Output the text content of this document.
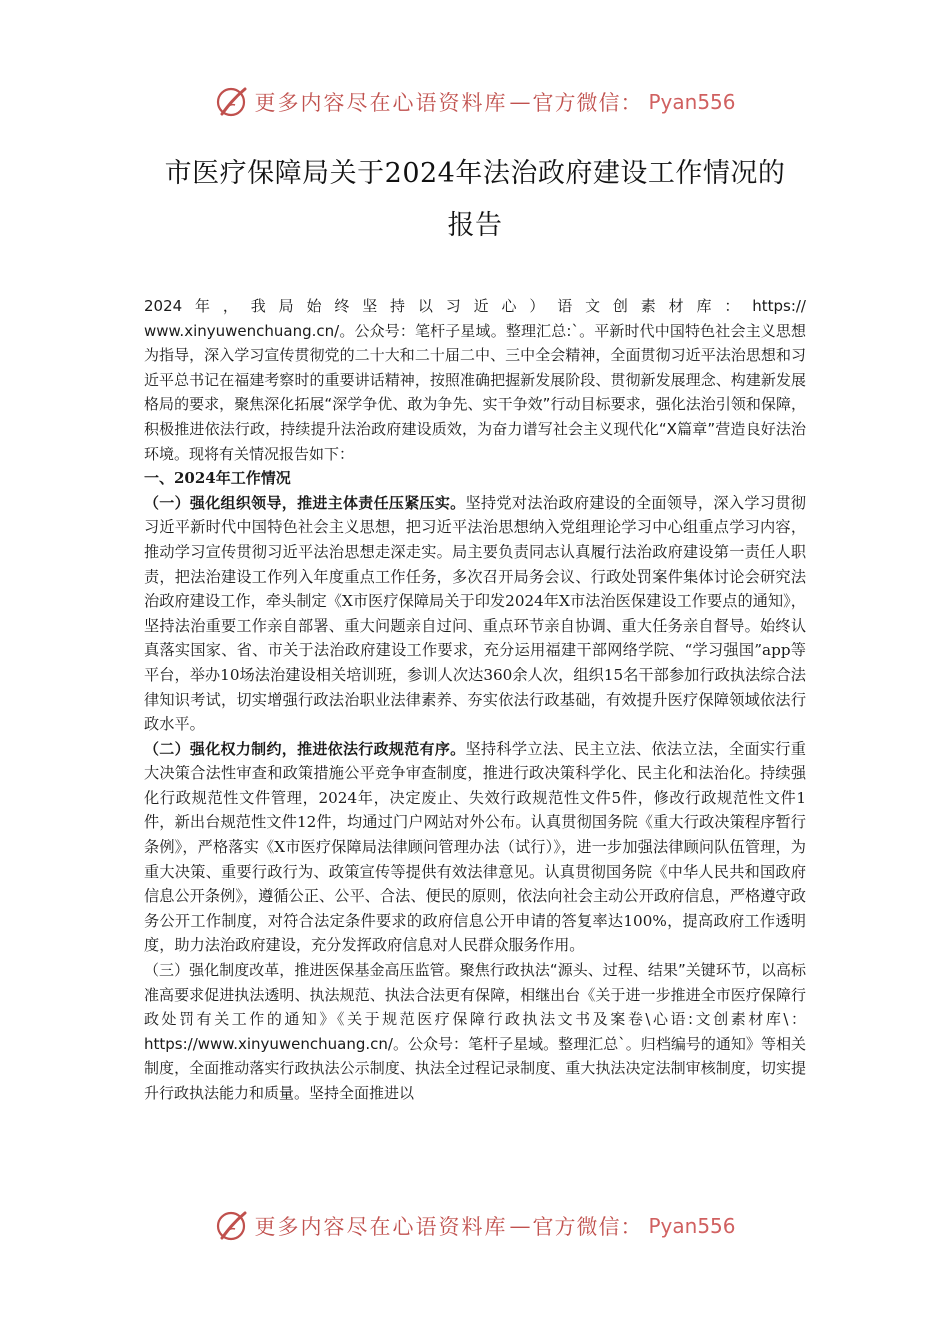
更多内容尽在心语资料库 — 官方微信： Pyan556
市医疗保障局关于2024年法治政府建设工作情况的
报告
2024 年 ， 我 局 始 终 坚 持 以 习 近 心 ） 语 文 创 素 材 库 ： https://

www.xinyuwenchuang.cn/。公众号：笔杆子星域。整理汇总:`。平新时代中国特色社会主义思想为指导，深入学习宣传贯彻党的二十大和二十届二中、三中全会精神，全面贯彻习近平法治思想和习近平总书记在福建考察时的重要讲话精神，按照准确把握新发展阶段、贯彻新发展理念、构建新发展格局的要求，聚焦深化拓展“深学争优、敢为争先、实干争效”行动目标要求，强化法治引领和保障，积极推进依法行政，持续提升法治政府建设质效，为奋力谱写社会主义现代化“X篇章”营造良好法治环境。现将有关情况报告如下：

一、2024年工作情况

（一）强化组织领导，推进主体责任压紧压实。坚持党对法治政府建设的全面领导，深入学习贯彻习近平新时代中国特色社会主义思想，把习近平法治思想纳入党组理论学习中心组重点学习内容，推动学习宣传贯彻习近平法治思想走深走实。局主要负责同志认真履行法治政府建设第一责任人职责，把法治建设工作列入年度重点工作任务，多次召开局务会议、行政处罚案件集体讨论会研究法治政府建设工作，牵头制定《X市医疗保障局关于印发2024年X市法治医保建设工作要点的通知》，坚持法治重要工作亲自部署、重大问题亲自过问、重点环节亲自协调、重大任务亲自督导。始终认真落实国家、省、市关于法治政府建设工作要求，充分运用福建干部网络学院、“学习强国”app等平台，举办10场法治建设相关培训班，参训人次达360余人次，组织15名干部参加行政执法综合法律知识考试，切实增强行政法治职业法律素养、夯实依法行政基础，有效提升医疗保障领域依法行政水平。

（二）强化权力制约，推进依法行政规范有序。坚持科学立法、民主立法、依法立法，全面实行重大决策合法性审查和政策措施公平竞争审查制度，推进行政决策科学化、民主化和法治化。持续强化行政规范性文件管理，2024年，决定废止、失效行政规范性文件5件，修改行政规范性文件1件，新出台规范性文件12件，均通过门户网站对外公布。认真贯彻国务院《重大行政决策程序暂行条例》，严格落实《X市医疗保障局法律顾问管理办法（试行）》，进一步加强法律顾问队伍管理，为重大决策、重要行政行为、政策宣传等提供有效法律意见。认真贯彻国务院《中华人民共和国政府信息公开条例》，遵循公正、公平、合法、便民的原则，依法向社会主动公开政府信息，严格遵守政务公开工作制度，对符合法定条件要求的政府信息公开申请的答复率达100%，提高政府工作透明度，助力法治政府建设，充分发挥政府信息对人民群众服务作用。

（三）强化制度改革，推进医保基金高压监管。聚焦行政执法“源头、过程、结果”关键环节，以高标准高要求促进执法透明、执法规范、执法合法更有保障，相继出台《关于进一步推进全市医疗保障行政处罚有关工作的通知》《关于规范医疗保障行政执法文书及案卷\心语:文创素材库\：https://www.xinyuwenchuang.cn/。公众号：笔杆子星域。整理汇总`。归档编号的通知》等相关制度，全面推动落实行政执法公示制度、执法全过程记录制度、重大执法决定法制审核制度，切实提升行政执法能力和质量。坚持全面推进以

更多内容尽在心语资料库 — 官方微信： Pyan556
